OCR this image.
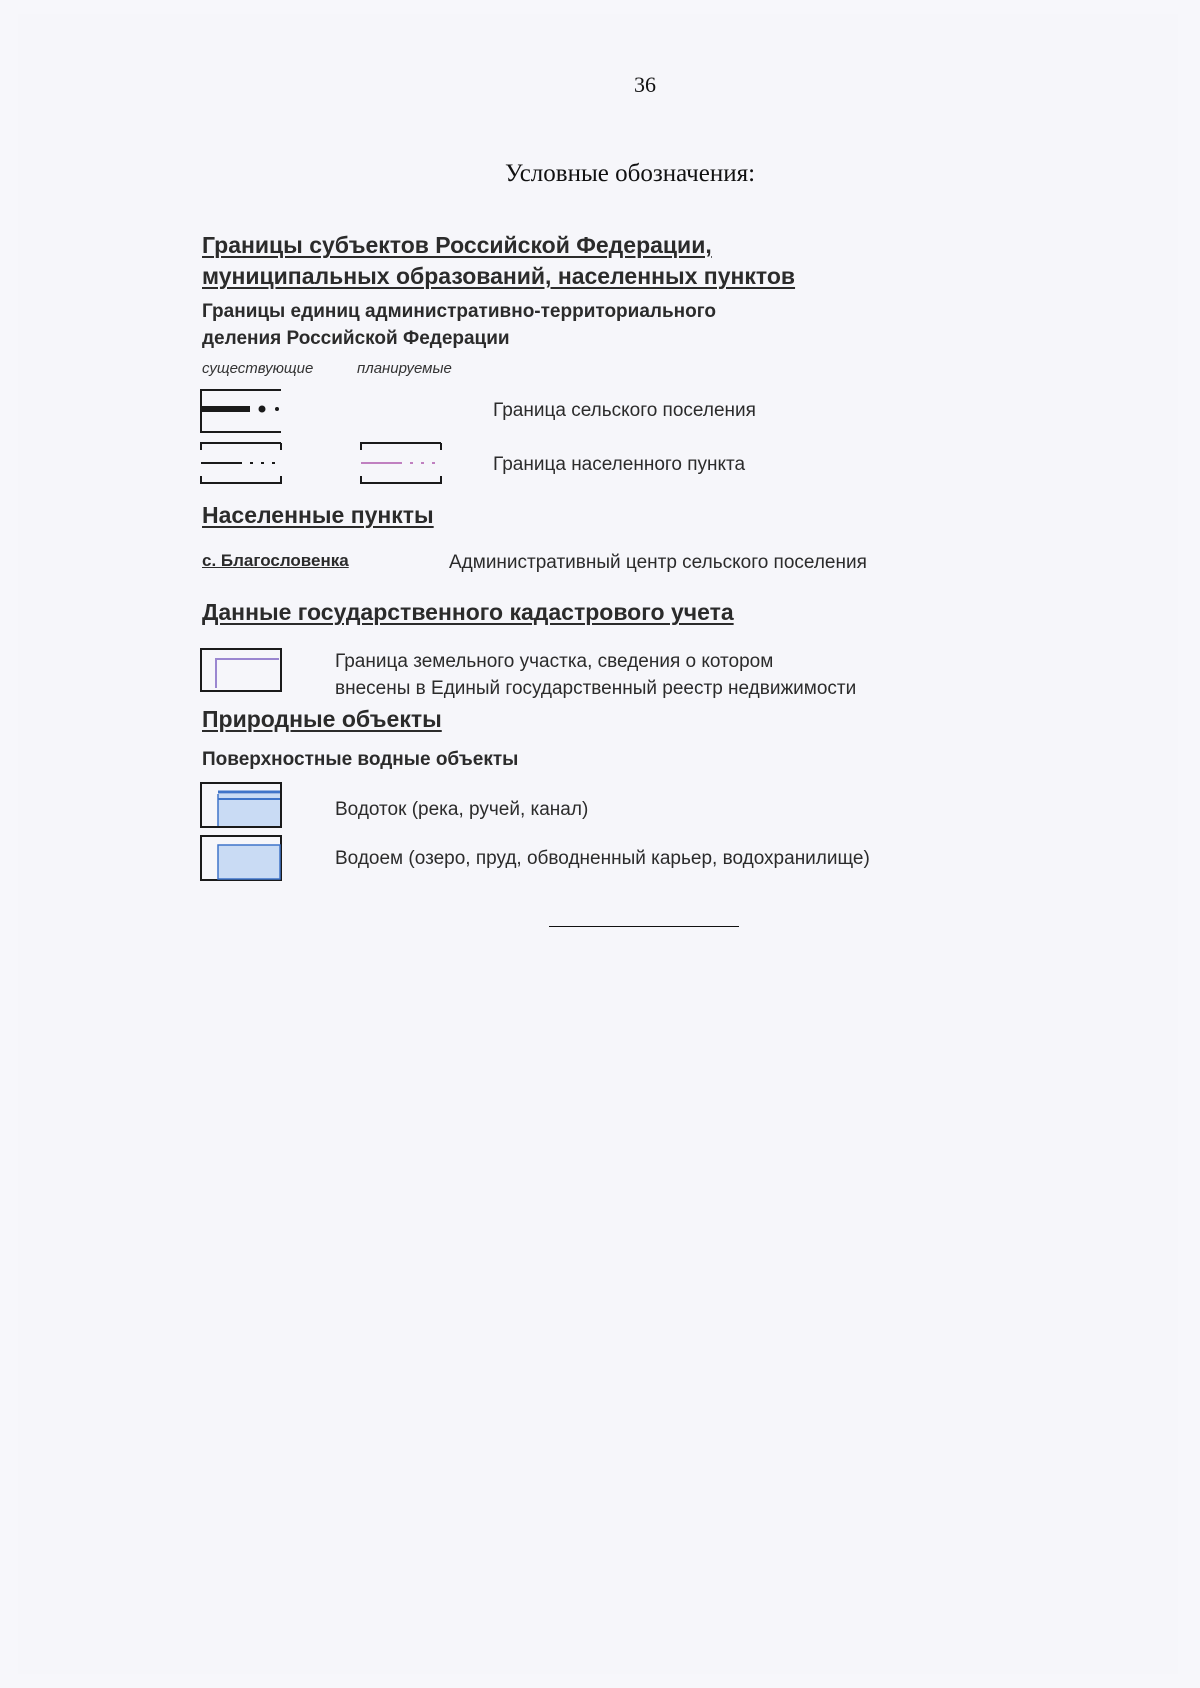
36
Условные обозначения:
Границы субъектов Российской Федерации,
муниципальных образований, населенных пунктов
Границы единиц административно-территориального
деления Российской Федерации
существующие	планируемые
Граница сельского поселения
Граница населенного пункта
Населенные пункты
с. Благословенка	Административный центр сельского поселения
Данные государственного кадастрового учета
Граница земельного участка, сведения о котором
внесены в Единый государственный реестр недвижимости
Природные объекты
Поверхностные водные объекты
Водоток (река, ручей, канал)
Водоем (озеро, пруд, обводненный карьер, водохранилище)
